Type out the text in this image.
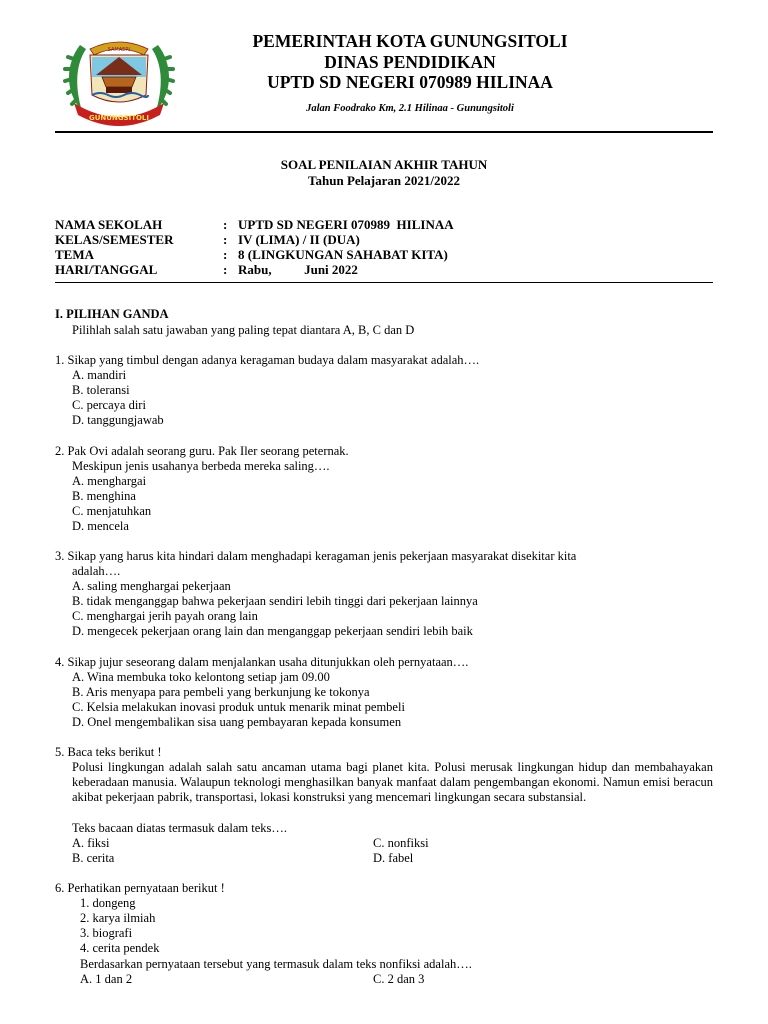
SAMAERI
GUNUNGSITOLI
PEMERINTAH KOTA GUNUNGSITOLI
DINAS PENDIDIKAN
UPTD SD NEGERI 070989 HILINAA
Jalan Foodrako Km, 2.1 Hilinaa - Gunungsitoli
SOAL PENILAIAN AKHIR TAHUN
Tahun Pelajaran 2021/2022
NAMA SEKOLAH	: UPTD SD NEGERI 070989  HILINAA
KELAS/SEMESTER	: IV (LIMA) / II (DUA)
TEMA	: 8 (LINGKUNGAN SAHABAT KITA)
HARI/TANGGAL	: Rabu,          Juni 2022
I. PILIHAN GANDA
Pilihlah salah satu jawaban yang paling tepat diantara A, B, C dan D
1. Sikap yang timbul dengan adanya keragaman budaya dalam masyarakat adalah….
A. mandiri
B. toleransi
C. percaya diri
D. tanggungjawab
2. Pak Ovi adalah seorang guru. Pak Iler seorang peternak.
Meskipun jenis usahanya berbeda mereka saling….
A. menghargai
B. menghina
C. menjatuhkan
D. mencela
3. Sikap yang harus kita hindari dalam menghadapi keragaman jenis pekerjaan masyarakat disekitar kita
adalah….
A. saling menghargai pekerjaan
B. tidak menganggap bahwa pekerjaan sendiri lebih tinggi dari pekerjaan lainnya
C. menghargai jerih payah orang lain
D. mengecek pekerjaan orang lain dan menganggap pekerjaan sendiri lebih baik
4. Sikap jujur seseorang dalam menjalankan usaha ditunjukkan oleh pernyataan….
A. Wina membuka toko kelontong setiap jam 09.00
B. Aris menyapa para pembeli yang berkunjung ke tokonya
C. Kelsia melakukan inovasi produk untuk menarik minat pembeli
D. Onel mengembalikan sisa uang pembayaran kepada konsumen
5. Baca teks berikut !
Polusi lingkungan adalah salah satu ancaman utama bagi planet kita. Polusi merusak lingkungan hidup dan membahayakan keberadaan manusia. Walaupun teknologi menghasilkan banyak manfaat dalam pengembangan ekonomi. Namun emisi beracun akibat pekerjaan pabrik, transportasi, lokasi konstruksi yang mencemari lingkungan secara substansial.
Teks bacaan diatas termasuk dalam teks….
A. fiksi	C. nonfiksi
B. cerita	D. fabel
6. Perhatikan pernyataan berikut !
1. dongeng
2. karya ilmiah
3. biografi
4. cerita pendek
Berdasarkan pernyataan tersebut yang termasuk dalam teks nonfiksi adalah….
A. 1 dan 2	C. 2 dan 3
